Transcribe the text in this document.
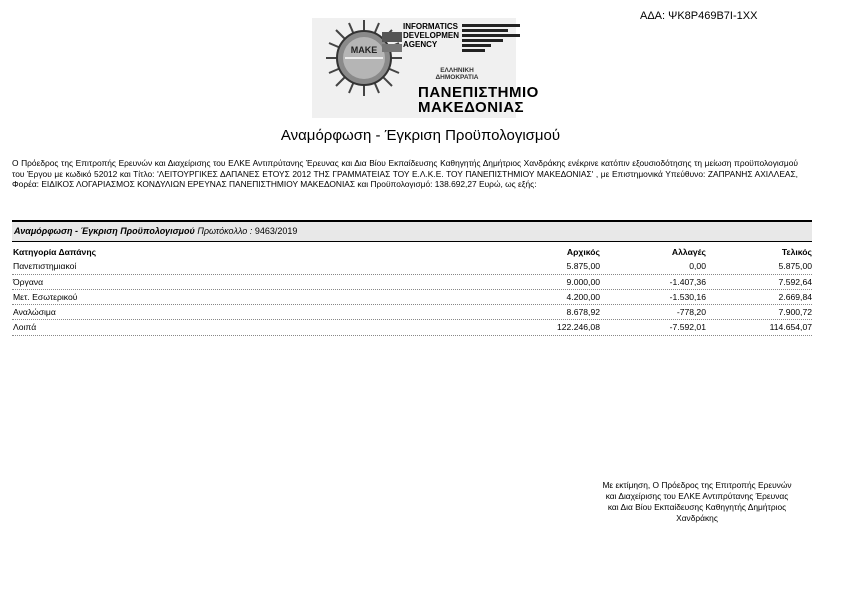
ΑΔΑ: ΨΚ8Ρ469Β7Ι-1ΧΧ
ΜΑΚΕ
ΕΛΛΗΝΙΚΗ ΔΗΜΟΚΡΑΤΙΑ
INFORMATICS
DEVELOPMEN
AGENCY
ΠΑΝΕΠΙΣΤΗΜΙΟ
ΜΑΚΕΔΟΝΙΑΣ
Αναμόρφωση - Έγκριση Προϋπολογισμού
Ο Πρόεδρος της Επιτροπής Ερευνών και Διαχείρισης του ΕΛΚΕ Αντιπρύτανης Έρευνας και Δια Βίου Εκπαίδευσης Καθηγητής Δημήτριος Χανδράκης ενέκρινε κατόπιν εξουσιοδότησης τη μείωση προϋπολογισμού του Έργου με κωδικό 52012 και Τίτλο: 'ΛΕΙΤΟΥΡΓΙΚΕΣ ΔΑΠΑΝΕΣ ΕΤΟΥΣ 2012 ΤΗΣ ΓΡΑΜΜΑΤΕΙΑΣ ΤΟΥ Ε.Λ.Κ.Ε. ΤΟΥ ΠΑΝΕΠΙΣΤΗΜΙΟΥ ΜΑΚΕΔΟΝΙΑΣ' , με Επιστημονικά Υπεύθυνο: ΖΑΠΡΑΝΗΣ ΑΧΙΛΛΕΑΣ, Φορέα: ΕΙΔΙΚΟΣ ΛΟΓΑΡΙΑΣΜΟΣ ΚΟΝΔΥΛΙΩΝ ΕΡΕΥΝΑΣ ΠΑΝΕΠΙΣΤΗΜΙΟΥ ΜΑΚΕΔΟΝΙΑΣ και Προϋπολογισμό: 138.692,27 Ευρώ, ως εξής:
Αναμόρφωση - Έγκριση Προϋπολογισμού Πρωτόκολλο : 9463/2019
Κατηγορία Δαπάνης	Αρχικός	Αλλαγές	Τελικός
Πανεπιστημιακοί	5.875,00	0,00	5.875,00
Όργανα	9.000,00	-1.407,36	7.592,64
Μετ. Εσωτερικού	4.200,00	-1.530,16	2.669,84
Αναλώσιμα	8.678,92	-778,20	7.900,72
Λοιπά	122.246,08	-7.592,01	114.654,07
Με εκτίμηση, Ο Πρόεδρος της Επιτροπής Ερευνών
και Διαχείρισης του ΕΛΚΕ Αντιπρύτανης Έρευνας
και Δια Βίου Εκπαίδευσης Καθηγητής Δημήτριος
Χανδράκης
